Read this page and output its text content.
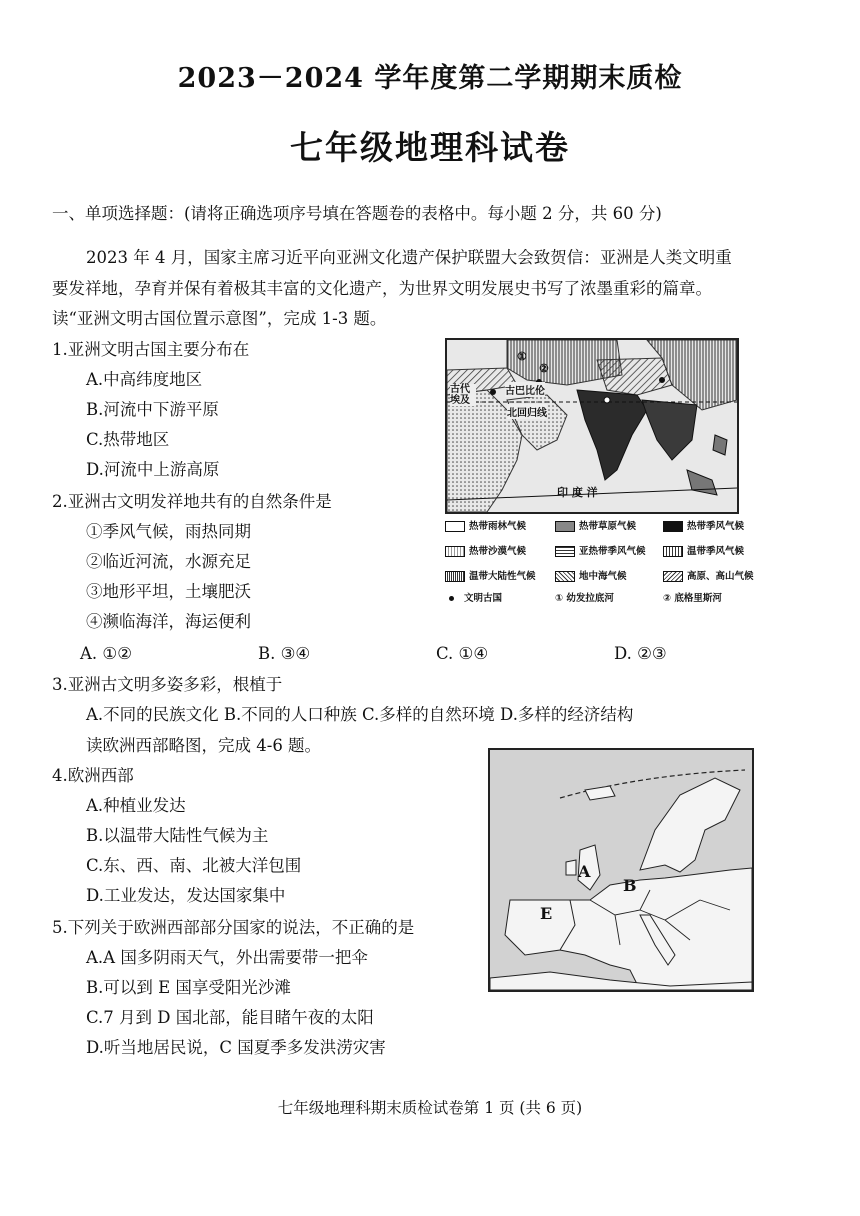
2023－2024 学年度第二学期期末质检
七年级地理科试卷
一、单项选择题：(请将正确选项序号填在答题卷的表格中。每小题 2 分，共 60 分)
2023 年 4 月，国家主席习近平向亚洲文化遗产保护联盟大会致贺信：亚洲是人类文明重
要发祥地，孕育并保有着极其丰富的文化遗产，为世界文明发展史书写了浓墨重彩的篇章。
读“亚洲文明古国位置示意图”，完成 1-3 题。
1.亚洲文明古国主要分布在
A.中高纬度地区
B.河流中下游平原
C.热带地区
D.河流中上游高原
2.亚洲古文明发祥地共有的自然条件是
①季风气候，雨热同期
②临近河流，水源充足
③地形平坦，土壤肥沃
④濒临海洋，海运便利
A. ①②	B. ③④	C. ①④	D. ②③
3.亚洲古文明多姿多彩，根植于
A.不同的民族文化 B.不同的人口种族 C.多样的自然环境 D.多样的经济结构
读欧洲西部略图，完成 4-6 题。
4.欧洲西部
A.种植业发达
B.以温带大陆性气候为主
C.东、西、南、北被大洋包围
D.工业发达，发达国家集中
5.下列关于欧洲西部部分国家的说法，不正确的是
A.A 国多阴雨天气，外出需要带一把伞
B.可以到 E 国享受阳光沙滩
C.7 月到 D 国北部，能目睹午夜的太阳
D.听当地居民说，C 国夏季多发洪涝灾害
古代埃及
古巴比伦
北回归线
印 度 洋
①
②
热带雨林气候	热带草原气候	热带季风气候
热带沙漠气候	亚热带季风气候	温带季风气候
温带大陆性气候	地中海气候	高原、高山气候
文明古国	① 幼发拉底河	② 底格里斯河
A
B
E
七年级地理科期末质检试卷第 1 页 (共 6 页)
